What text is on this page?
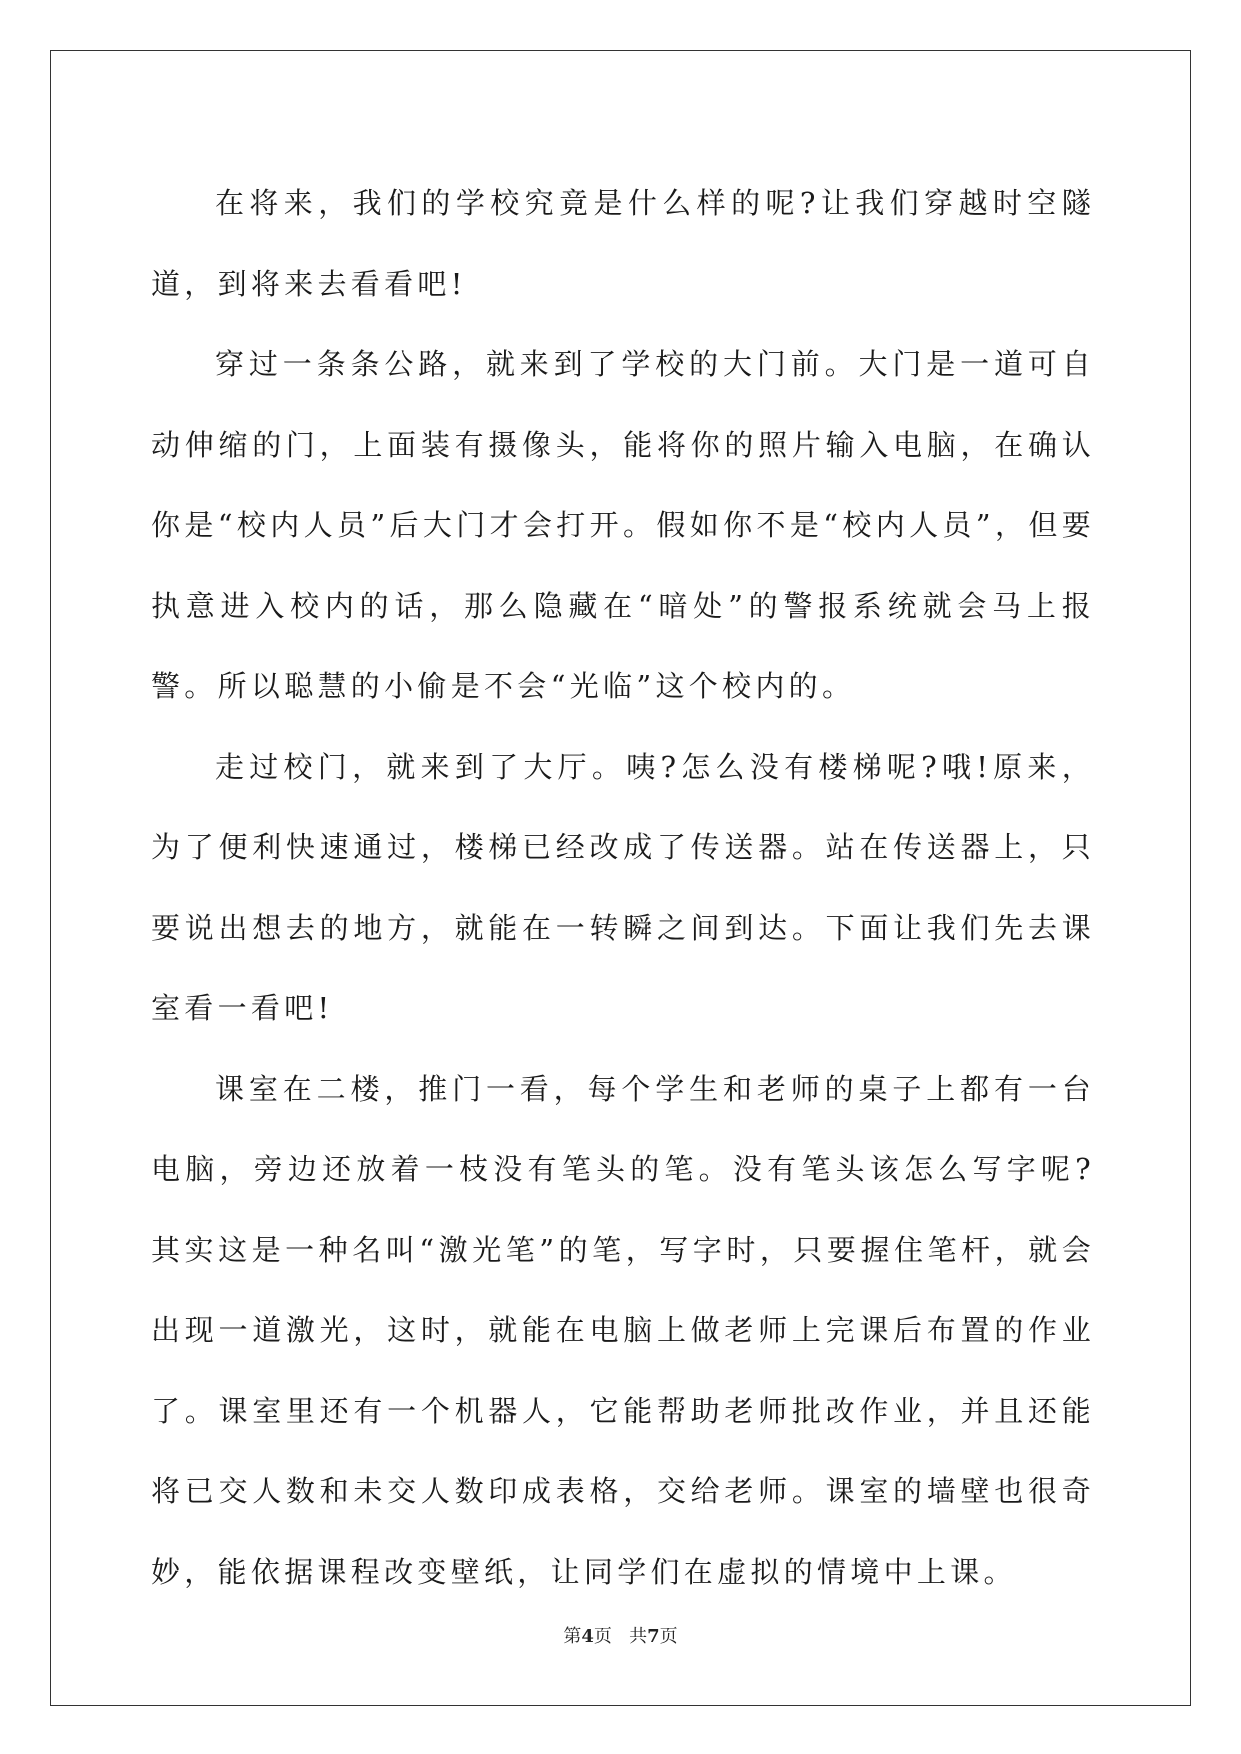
在将来，我们的学校究竟是什么样的呢?让我们穿越时空隧道，到将来去看看吧!

穿过一条条公路，就来到了学校的大门前。大门是一道可自动伸缩的门，上面装有摄像头，能将你的照片输入电脑，在确认你是“校内人员”后大门才会打开。假如你不是“校内人员”，但要执意进入校内的话，那么隐藏在“暗处”的警报系统就会马上报警。所以聪慧的小偷是不会“光临”这个校内的。

走过校门，就来到了大厅。咦?怎么没有楼梯呢?哦!原来，为了便利快速通过，楼梯已经改成了传送器。站在传送器上，只要说出想去的地方，就能在一转瞬之间到达。下面让我们先去课室看一看吧!

课室在二楼，推门一看，每个学生和老师的桌子上都有一台电脑，旁边还放着一枝没有笔头的笔。没有笔头该怎么写字呢?其实这是一种名叫“激光笔”的笔，写字时，只要握住笔杆，就会出现一道激光，这时，就能在电脑上做老师上完课后布置的作业了。课室里还有一个机器人，它能帮助老师批改作业，并且还能将已交人数和未交人数印成表格，交给老师。课室的墙壁也很奇妙，能依据课程改变壁纸，让同学们在虚拟的情境中上课。

第4页 共7页
